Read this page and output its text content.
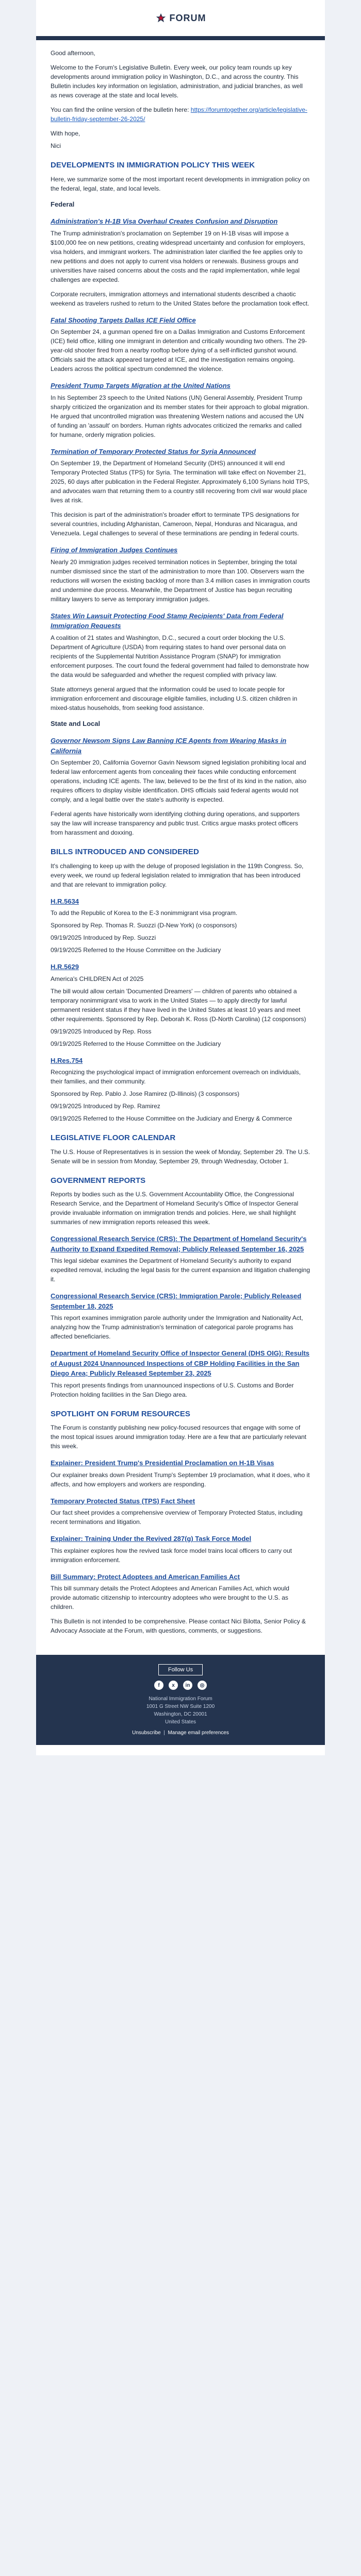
FORUM

Good afternoon,

Welcome to the Forum's Legislative Bulletin. Every week, our policy team rounds up key developments around immigration policy in Washington, D.C., and across the country. This Bulletin includes key information on legislation, administration, and judicial branches, as well as news coverage at the state and local levels.

You can find the online version of the bulletin here: https://forumtogether.org/article/legislative-bulletin-friday-september-26-2025/

With hope,

Nici

DEVELOPMENTS IN IMMIGRATION POLICY THIS WEEK

Here, we summarize some of the most important recent developments in immigration policy on the federal, legal, state, and local levels.

Federal
Administration's H-1B Visa Overhaul Creates Confusion and Disruption

The Trump administration's proclamation on September 19 on H-1B visas will impose a $100,000 fee on new petitions, creating widespread uncertainty and confusion for employers, visa holders, and immigrant workers. The administration later clarified the fee applies only to new petitions and does not apply to current visa holders or renewals. Business groups and universities have raised concerns about the costs and the rapid implementation, while legal challenges are expected.

Corporate recruiters, immigration attorneys and international students described a chaotic weekend as travelers rushed to return to the United States before the proclamation took effect.

Fatal Shooting Targets Dallas ICE Field Office

On September 24, a gunman opened fire on a Dallas Immigration and Customs Enforcement (ICE) field office, killing one immigrant in detention and critically wounding two others. The 29-year-old shooter fired from a nearby rooftop before dying of a self-inflicted gunshot wound. Officials said the attack appeared targeted at ICE, and the investigation remains ongoing. Leaders across the political spectrum condemned the violence.

President Trump Targets Migration at the United Nations

In his September 23 speech to the United Nations (UN) General Assembly, President Trump sharply criticized the organization and its member states for their approach to global migration. He argued that uncontrolled migration was threatening Western nations and accused the UN of funding an 'assault' on borders. Human rights advocates criticized the remarks and called for humane, orderly migration policies.

Termination of Temporary Protected Status for Syria Announced

On September 19, the Department of Homeland Security (DHS) announced it will end Temporary Protected Status (TPS) for Syria. The termination will take effect on November 21, 2025, 60 days after publication in the Federal Register. Approximately 6,100 Syrians hold TPS, and advocates warn that returning them to a country still recovering from civil war would place lives at risk.

This decision is part of the administration's broader effort to terminate TPS designations for several countries, including Afghanistan, Cameroon, Nepal, Honduras and Nicaragua, and Venezuela. Legal challenges to several of these terminations are pending in federal courts.

Firing of Immigration Judges Continues

Nearly 20 immigration judges received termination notices in September, bringing the total number dismissed since the start of the administration to more than 100. Observers warn the reductions will worsen the existing backlog of more than 3.4 million cases in immigration courts and undermine due process. Meanwhile, the Department of Justice has begun recruiting military lawyers to serve as temporary immigration judges.

States Win Lawsuit Protecting Food Stamp Recipients' Data from Federal Immigration Requests

A coalition of 21 states and Washington, D.C., secured a court order blocking the U.S. Department of Agriculture (USDA) from requiring states to hand over personal data on recipients of the Supplemental Nutrition Assistance Program (SNAP) for immigration enforcement purposes. The court found the federal government had failed to demonstrate how the data would be safeguarded and whether the request complied with privacy law.

State attorneys general argued that the information could be used to locate people for immigration enforcement and discourage eligible families, including U.S. citizen children in mixed-status households, from seeking food assistance.

State and Local
Governor Newsom Signs Law Banning ICE Agents from Wearing Masks in California

On September 20, California Governor Gavin Newsom signed legislation prohibiting local and federal law enforcement agents from concealing their faces while conducting enforcement operations, including ICE agents. The law, believed to be the first of its kind in the nation, also requires officers to display visible identification. DHS officials said federal agents would not comply, and a legal battle over the state's authority is expected.

Federal agents have historically worn identifying clothing during operations, and supporters say the law will increase transparency and public trust. Critics argue masks protect officers from harassment and doxxing.

BILLS INTRODUCED AND CONSIDERED

It's challenging to keep up with the deluge of proposed legislation in the 119th Congress. So, every week, we round up federal legislation related to immigration that has been introduced and that are relevant to immigration policy.

H.R.5634

To add the Republic of Korea to the E-3 nonimmigrant visa program.

Sponsored by Rep. Thomas R. Suozzi (D-New York) (o cosponsors)

09/19/2025 Introduced by Rep. Suozzi

09/19/2025 Referred to the House Committee on the Judiciary

H.R.5629

America's CHILDREN Act of 2025

The bill would allow certain 'Documented Dreamers' — children of parents who obtained a temporary nonimmigrant visa to work in the United States — to apply directly for lawful permanent resident status if they have lived in the United States at least 10 years and meet other requirements. Sponsored by Rep. Deborah K. Ross (D-North Carolina) (12 cosponsors)

09/19/2025 Introduced by Rep. Ross

09/19/2025 Referred to the House Committee on the Judiciary

H.Res.754

Recognizing the psychological impact of immigration enforcement overreach on individuals, their families, and their community.

Sponsored by Rep. Pablo J. Jose Ramirez (D-Illinois) (3 cosponsors)

09/19/2025 Introduced by Rep. Ramirez

09/19/2025 Referred to the House Committee on the Judiciary and Energy & Commerce

LEGISLATIVE FLOOR CALENDAR

The U.S. House of Representatives is in session the week of Monday, September 29. The U.S. Senate will be in session from Monday, September 29, through Wednesday, October 1.

GOVERNMENT REPORTS

Reports by bodies such as the U.S. Government Accountability Office, the Congressional Research Service, and the Department of Homeland Security's Office of Inspector General provide invaluable information on immigration trends and policies. Here, we shall highlight summaries of new immigration reports released this week.

Congressional Research Service (CRS): The Department of Homeland Security's Authority to Expand Expedited Removal; Publicly Released September 16, 2025

This legal sidebar examines the Department of Homeland Security's authority to expand expedited removal, including the legal basis for the current expansion and litigation challenging it.

Congressional Research Service (CRS): Immigration Parole; Publicly Released September 18, 2025

This report examines immigration parole authority under the Immigration and Nationality Act, analyzing how the Trump administration's termination of categorical parole programs has affected beneficiaries.

Department of Homeland Security Office of Inspector General (DHS OIG): Results of August 2024 Unannounced Inspections of CBP Holding Facilities in the San Diego Area; Publicly Released September 23, 2025

This report presents findings from unannounced inspections of U.S. Customs and Border Protection holding facilities in the San Diego area.

SPOTLIGHT ON FORUM RESOURCES

The Forum is constantly publishing new policy-focused resources that engage with some of the most topical issues around immigration today. Here are a few that are particularly relevant this week.

Explainer: President Trump's Presidential Proclamation on H-1B Visas

Our explainer breaks down President Trump's September 19 proclamation, what it does, who it affects, and how employers and workers are responding.

Temporary Protected Status (TPS) Fact Sheet

Our fact sheet provides a comprehensive overview of Temporary Protected Status, including recent terminations and litigation.

Explainer: Training Under the Revived 287(g) Task Force Model

This explainer explores how the revived task force model trains local officers to carry out immigration enforcement.

Bill Summary: Protect Adoptees and American Families Act

This bill summary details the Protect Adoptees and American Families Act, which would provide automatic citizenship to intercountry adoptees who were brought to the U.S. as children.

This Bulletin is not intended to be comprehensive. Please contact Nici Bilotta, Senior Policy & Advocacy Associate at the Forum, with questions, comments, or suggestions.

Follow Us
f	x	in	◎
National Immigration Forum
1001 G Street NW Suite 1200
Washington, DC 20001
United States
Unsubscribe  |  Manage email preferences
